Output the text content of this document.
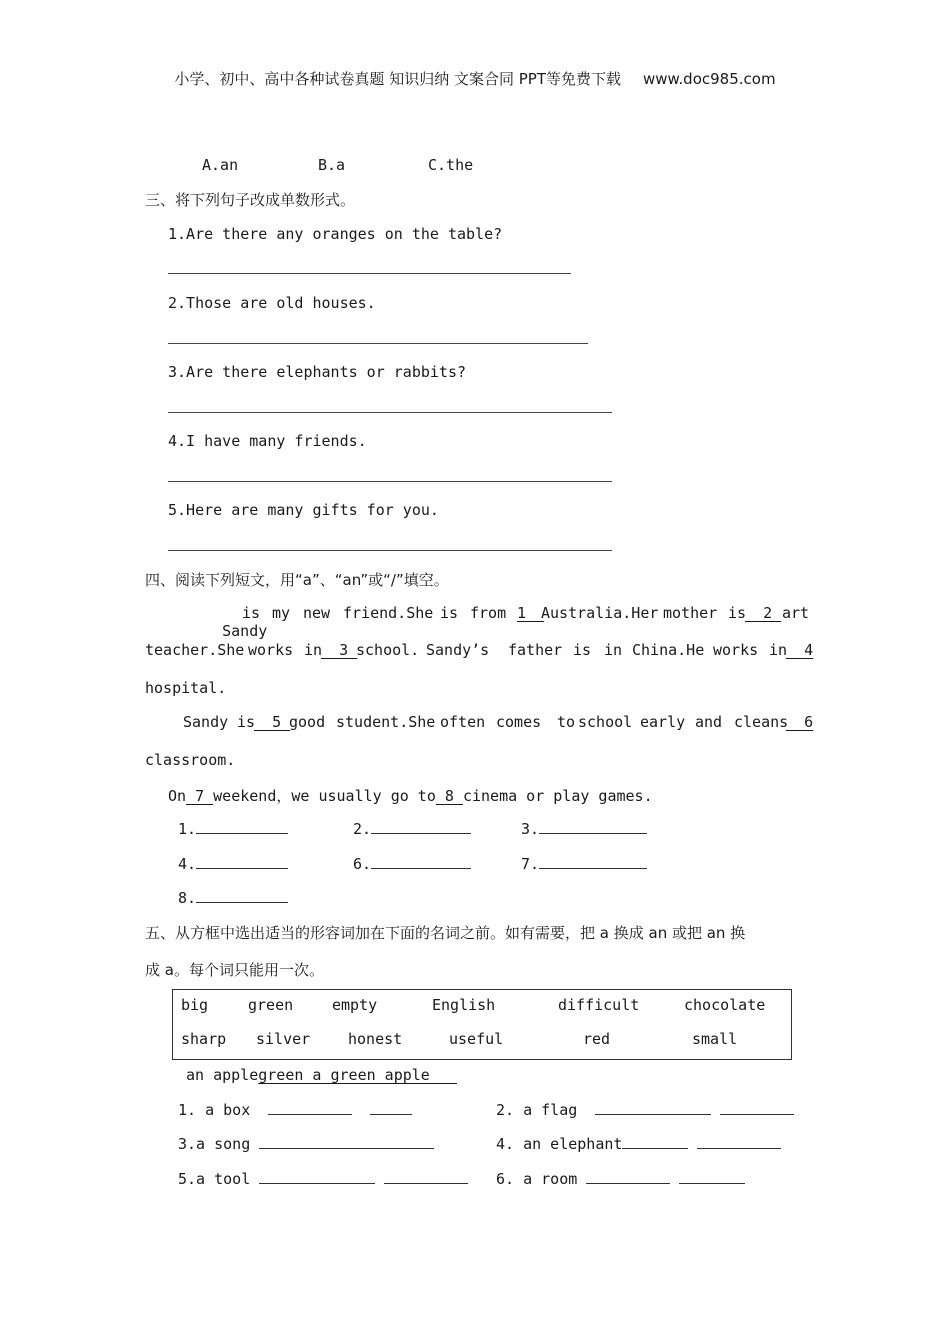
小学、初中、高中各种试卷真题 知识归纳 文案合同 PPT等免费下载 www.doc985.com
A.an	B.a	C.the
三、将下列句子改成单数形式。
1.Are there any oranges on the table?
2.Those are old houses.
3.Are there elephants or rabbits?
4.I have many friends.
5.Here are many gifts for you.
四、阅读下列短文，用“a”、“an”或“/”填空。

Sandy

is my new friend.She is from 1 Australia.Her mother is	2 art
teacher.She works in	3 school. Sandy’s father is in China.He works in	4
hospital.
Sandy is	5 good student.She often comes to school early and cleans	6
classroom.
On 7 weekend，we usually go to 8 cinema or play games.
1.	2.	3.
4.	6.	7.
8.
五、从方框中选出适当的形容词加在下面的名词之前。如有需要，把 a 换成 an 或把 an 换
成 a。每个词只能用一次。
big	green	empty	English	difficult	chocolate
sharp silver	honest	useful	red	small
an applegreen a green apple
1. a box	2. a flag
3.a song	4. an elephant
5.a tool	6. a room
